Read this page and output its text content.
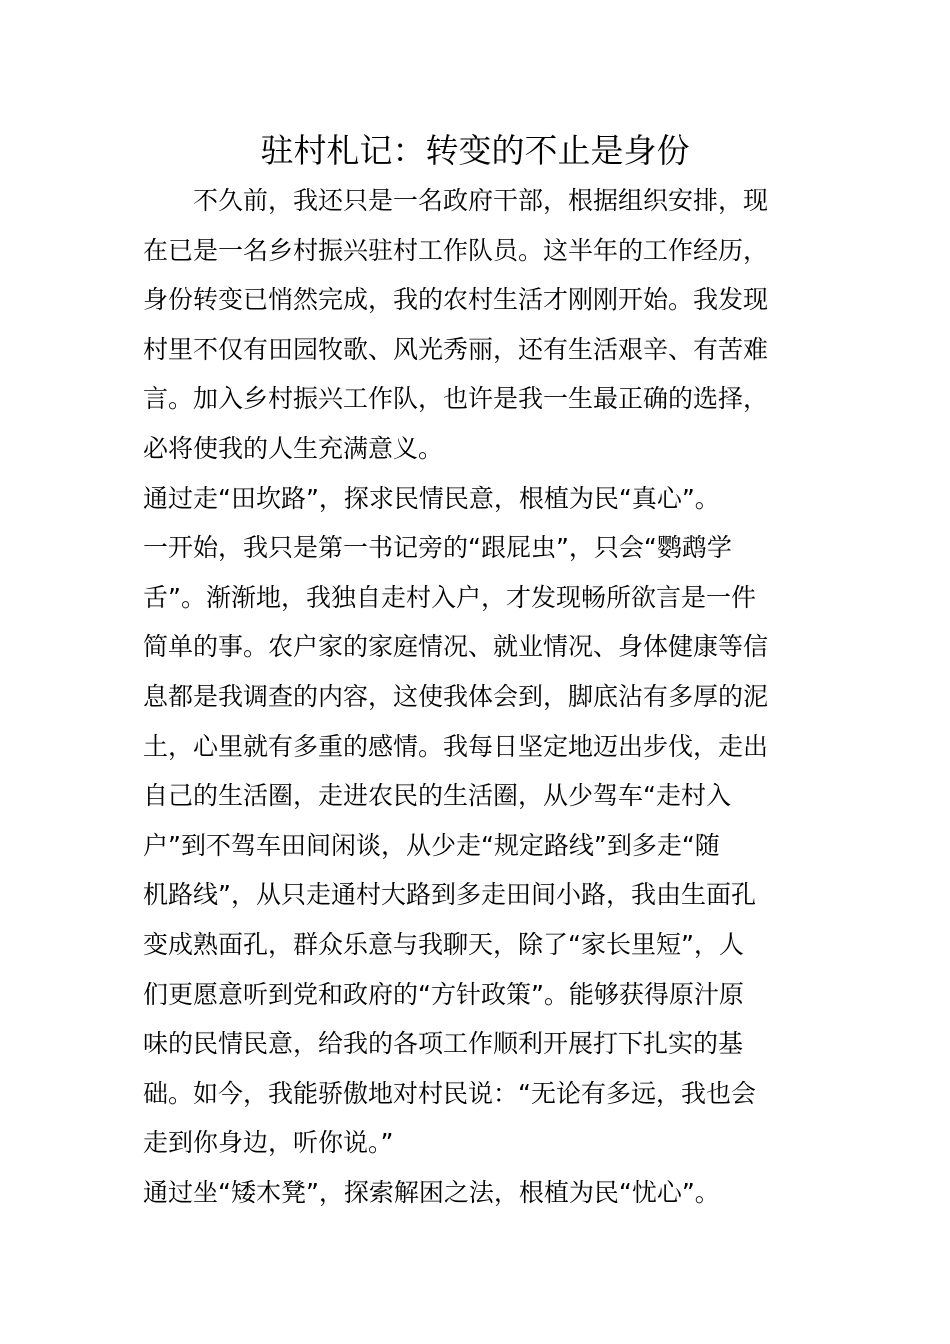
驻村札记：转变的不止是身份
　　不久前，我还只是一名政府干部，根据组织安排，现
在已是一名乡村振兴驻村工作队员。这半年的工作经历，
身份转变已悄然完成，我的农村生活才刚刚开始。我发现
村里不仅有田园牧歌、风光秀丽，还有生活艰辛、有苦难
言。加入乡村振兴工作队，也许是我一生最正确的选择，
必将使我的人生充满意义。
通过走“田坎路”，探求民情民意，根植为民“真心”。
一开始，我只是第一书记旁的“跟屁虫”，只会“鹦鹉学
舌”。渐渐地，我独自走村入户，才发现畅所欲言是一件
简单的事。农户家的家庭情况、就业情况、身体健康等信
息都是我调查的内容，这使我体会到，脚底沾有多厚的泥
土，心里就有多重的感情。我每日坚定地迈出步伐，走出
自己的生活圈，走进农民的生活圈，从少驾车“走村入
户”到不驾车田间闲谈，从少走“规定路线”到多走“随
机路线”，从只走通村大路到多走田间小路，我由生面孔
变成熟面孔，群众乐意与我聊天，除了“家长里短”，人
们更愿意听到党和政府的“方针政策”。能够获得原汁原
味的民情民意，给我的各项工作顺利开展打下扎实的基
础。如今，我能骄傲地对村民说：“无论有多远，我也会
走到你身边，听你说。”
通过坐“矮木凳”，探索解困之法，根植为民“忧心”。
